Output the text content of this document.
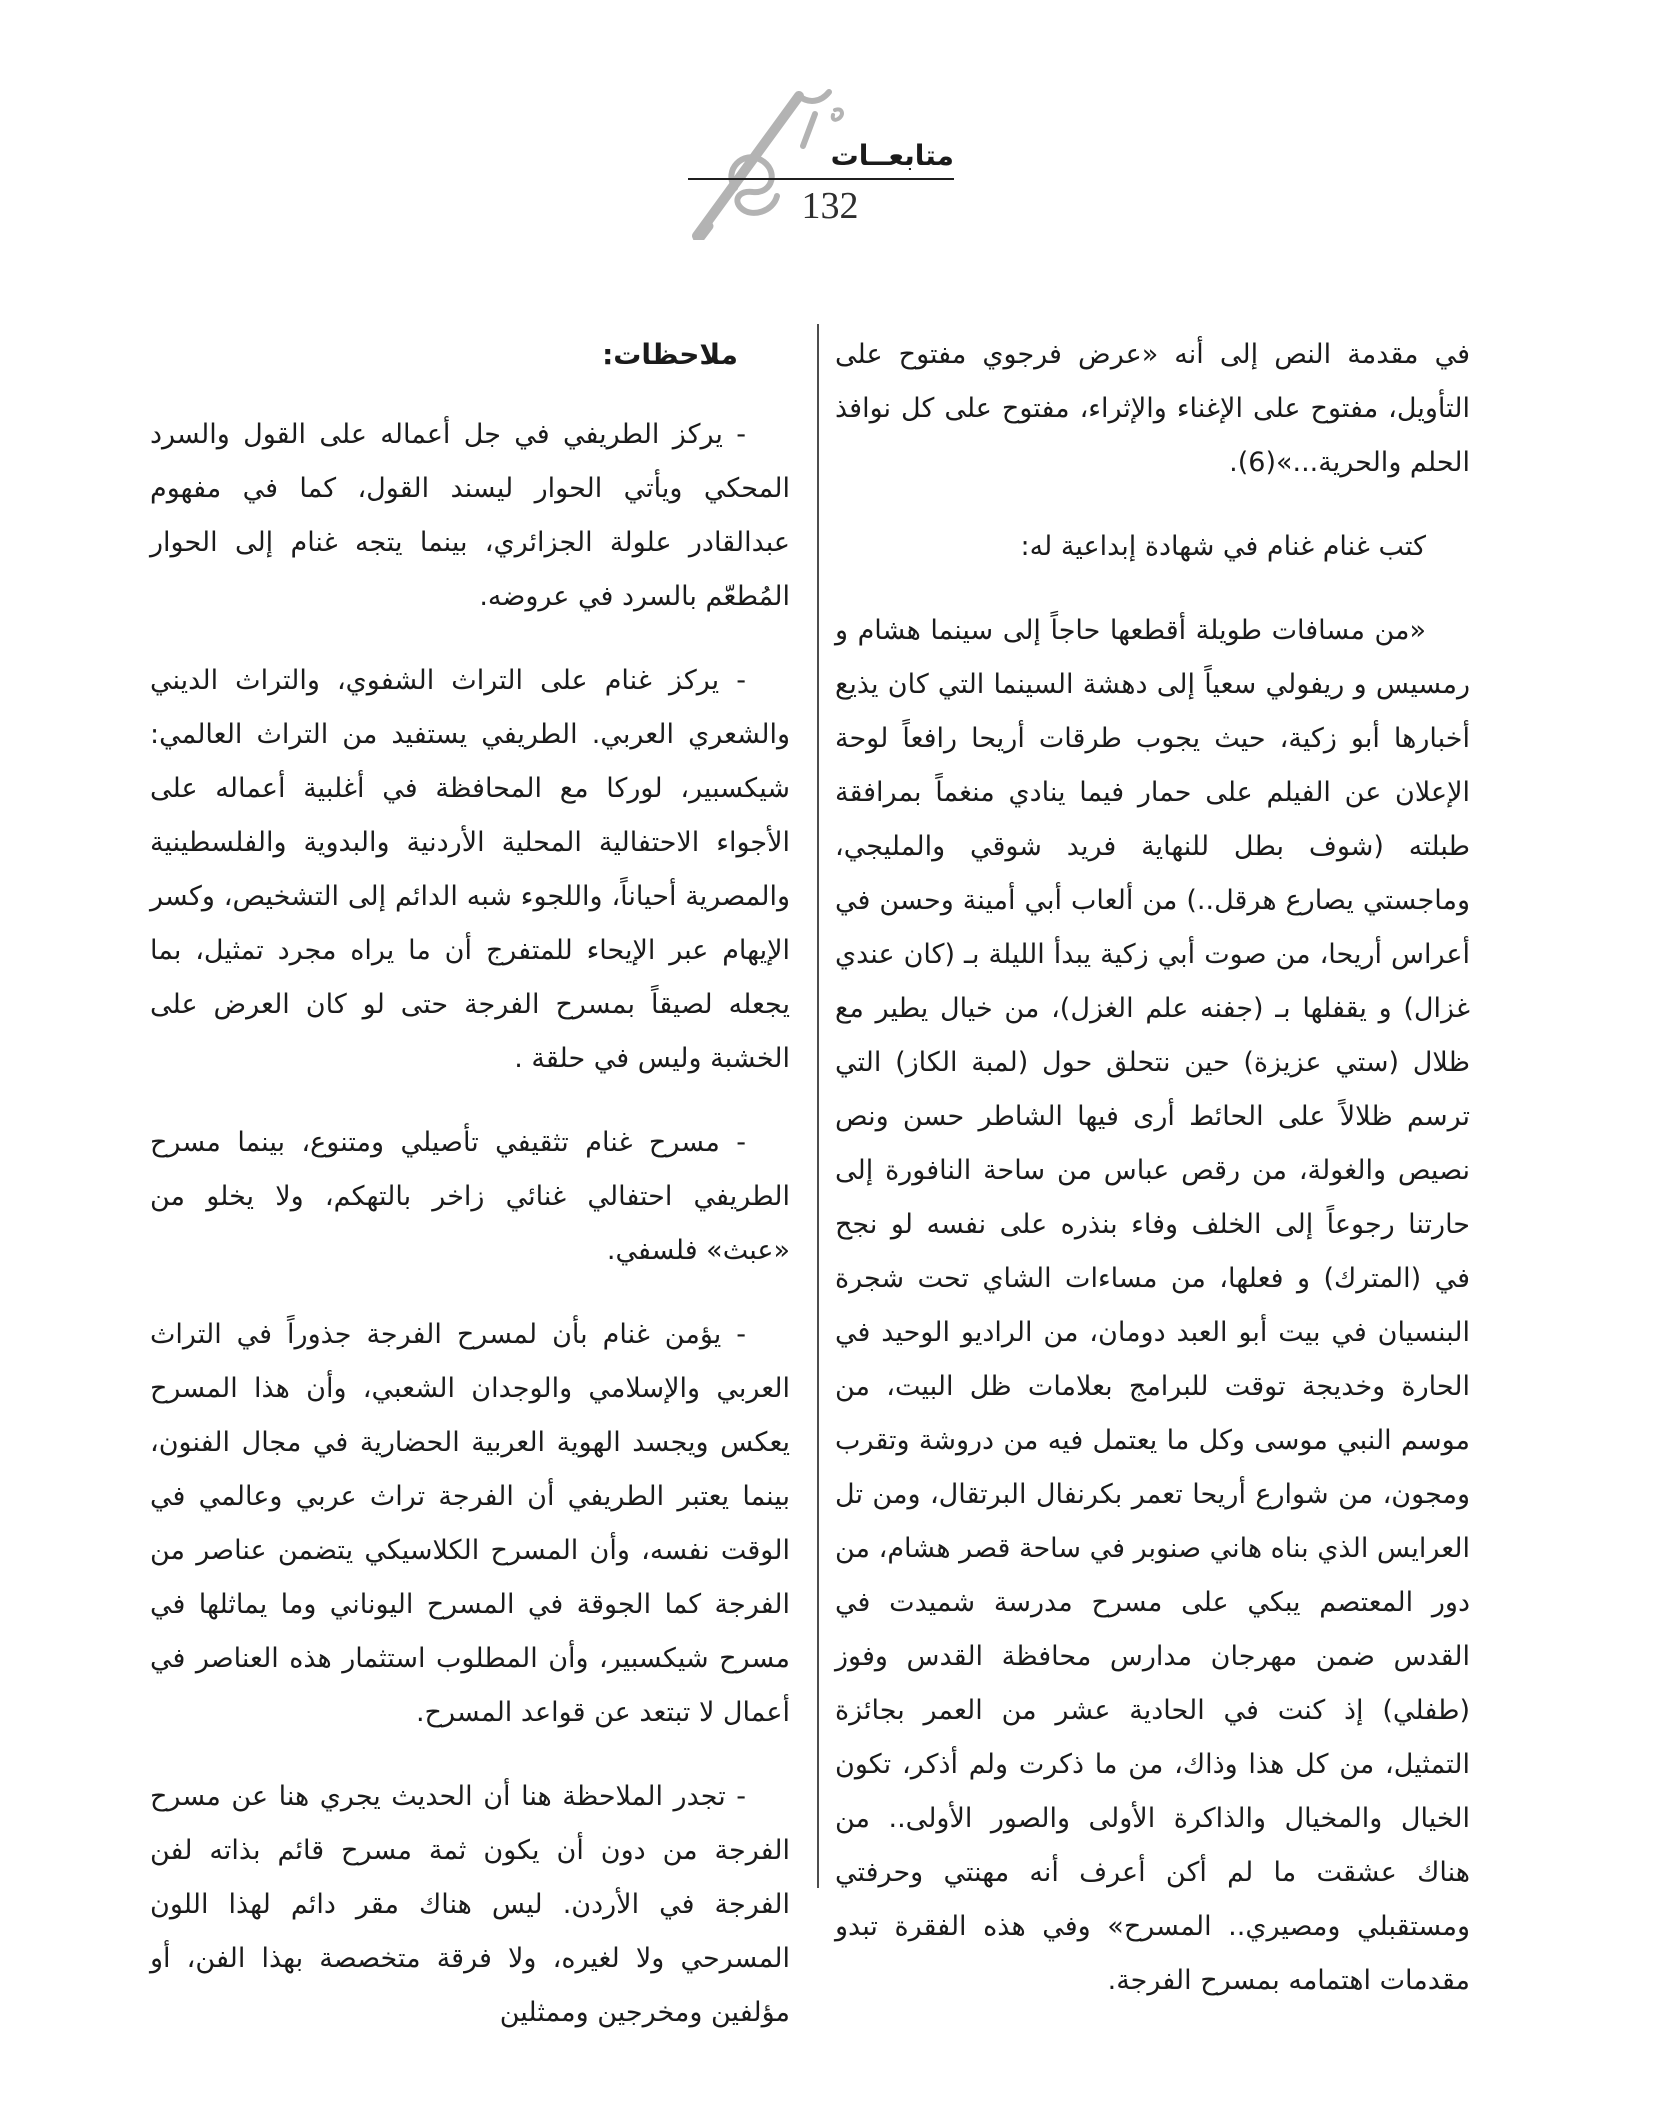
متابعــات
132

في مقدمة النص إلى أنه «عرض فرجوي مفتوح على التأويل، مفتوح على الإغناء والإثراء، مفتوح على كل نوافذ الحلم والحرية...»(6).

كتب غنام غنام في شهادة إبداعية له:

«من مسافات طويلة أقطعها حاجاً إلى سينما هشام و رمسيس و ريفولي سعياً إلى دهشة السينما التي كان يذيع أخبارها أبو زكية، حيث يجوب طرقات أريحا رافعاً لوحة الإعلان عن الفيلم على حمار فيما ينادي منغماً بمرافقة طبلته (شوف بطل للنهاية فريد شوقي والمليجي، وماجستي يصارع هرقل..) من ألعاب أبي أمينة وحسن في أعراس أريحا، من صوت أبي زكية يبدأ الليلة بـ (كان عندي غزال) و يقفلها بـ (جفنه علم الغزل)، من خيال يطير مع ظلال (ستي عزيزة) حين نتحلق حول (لمبة الكاز) التي ترسم ظلالاً على الحائط أرى فيها الشاطر حسن ونص نصيص والغولة، من رقص عباس من ساحة النافورة إلى حارتنا رجوعاً إلى الخلف وفاء بنذره على نفسه لو نجح في (المترك) و فعلها، من مساءات الشاي تحت شجرة البنسيان في بيت أبو العبد دومان، من الراديو الوحيد في الحارة وخديجة توقت للبرامج بعلامات ظل البيت، من موسم النبي موسى وكل ما يعتمل فيه من دروشة وتقرب ومجون، من شوارع أريحا تعمر بكرنفال البرتقال، ومن تل العرايس الذي بناه هاني صنوبر في ساحة قصر هشام، من دور المعتصم يبكي على مسرح مدرسة شميدت في القدس ضمن مهرجان مدارس محافظة القدس وفوز (طفلي) إذ كنت في الحادية عشر من العمر بجائزة التمثيل، من كل هذا وذاك، من ما ذكرت ولم أذكر، تكون الخيال والمخيال والذاكرة الأولى والصور الأولى.. من هناك عشقت ما لم أكن أعرف أنه مهنتي وحرفتي ومستقبلي ومصيري.. المسرح» وفي هذه الفقرة تبدو مقدمات اهتمامه بمسرح الفرجة.

ملاحظات:

- يركز الطريفي في جل أعماله على القول والسرد المحكي ويأتي الحوار ليسند القول، كما في مفهوم عبدالقادر علولة الجزائري، بينما يتجه غنام إلى الحوار المُطعّم بالسرد في عروضه.

- يركز غنام على التراث الشفوي، والتراث الديني والشعري العربي. الطريفي يستفيد من التراث العالمي: شيكسبير، لوركا مع المحافظة في أغلبية أعماله على الأجواء الاحتفالية المحلية الأردنية والبدوية والفلسطينية والمصرية أحياناً، واللجوء شبه الدائم إلى التشخيص، وكسر الإيهام عبر الإيحاء للمتفرج أن ما يراه مجرد تمثيل، بما يجعله لصيقاً بمسرح الفرجة حتى لو كان العرض على الخشبة وليس في حلقة .

- مسرح غنام تثقيفي تأصيلي ومتنوع، بينما مسرح الطريفي احتفالي غنائي زاخر بالتهكم، ولا يخلو من «عبث» فلسفي.

- يؤمن غنام بأن لمسرح الفرجة جذوراً في التراث العربي والإسلامي والوجدان الشعبي، وأن هذا المسرح يعكس ويجسد الهوية العربية الحضارية في مجال الفنون، بينما يعتبر الطريفي أن الفرجة تراث عربي وعالمي في الوقت نفسه، وأن المسرح الكلاسيكي يتضمن عناصر من الفرجة كما الجوقة في المسرح اليوناني وما يماثلها في مسرح شيكسبير، وأن المطلوب استثمار هذه العناصر في أعمال لا تبتعد عن قواعد المسرح.

- تجدر الملاحظة هنا أن الحديث يجري هنا عن مسرح الفرجة من دون أن يكون ثمة مسرح قائم بذاته لفن الفرجة في الأردن. ليس هناك مقر دائم لهذا اللون المسرحي ولا لغيره، ولا فرقة متخصصة بهذا الفن، أو مؤلفين ومخرجين وممثلين
